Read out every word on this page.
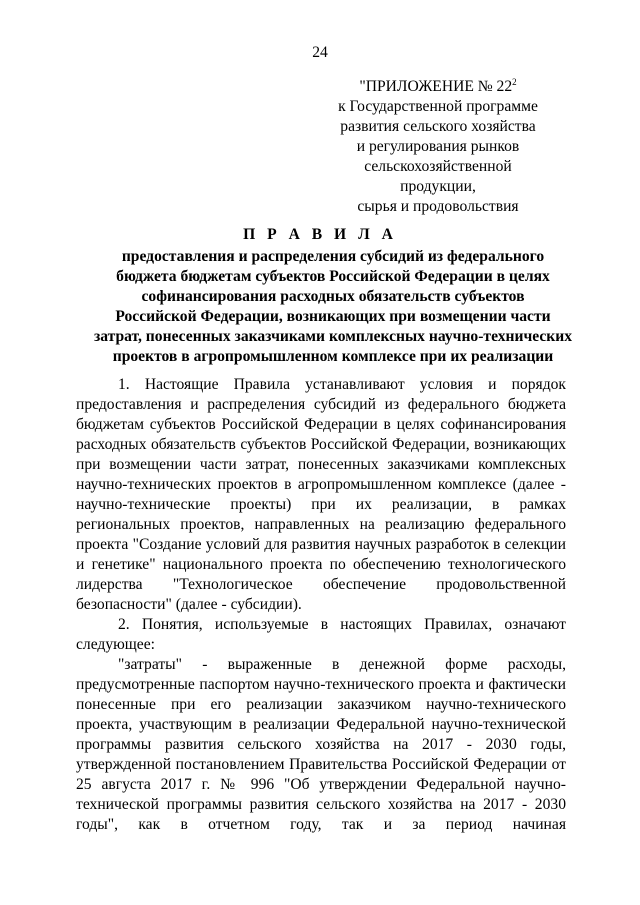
24
"ПРИЛОЖЕНИЕ № $22^2$
к Государственной программе
развития сельского хозяйства
и регулирования рынков
сельскохозяйственной продукции,
сырья и продовольствия
П Р А В И Л А
предоставления и распределения субсидий из федерального
бюджета бюджетам субъектов Российской Федерации в целях
софинансирования расходных обязательств субъектов
Российской Федерации, возникающих при возмещении части
затрат, понесенных заказчиками комплексных научно-технических
проектов в агропромышленном комплексе при их реализации

1. Настоящие Правила устанавливают условия и порядок предоставления и распределения субсидий из федерального бюджета бюджетам субъектов Российской Федерации в целях софинансирования расходных обязательств субъектов Российской Федерации, возникающих при возмещении части затрат, понесенных заказчиками комплексных научно-технических проектов в агропромышленном комплексе (далее - научно-технические проекты) при их реализации, в рамках региональных проектов, направленных на реализацию федерального проекта "Создание условий для развития научных разработок в селекции и генетике" национального проекта по обеспечению технологического лидерства "Технологическое обеспечение продовольственной безопасности" (далее - субсидии).

2. Понятия, используемые в настоящих Правилах, означают следующее:

"затраты" - выраженные в денежной форме расходы, предусмотренные паспортом научно-технического проекта и фактически понесенные при его реализации заказчиком научно-технического проекта, участвующим в реализации Федеральной научно-технической программы развития сельского хозяйства на 2017 - 2030 годы, утвержденной постановлением Правительства Российской Федерации от 25 августа 2017 г. № 996 "Об утверждении Федеральной научно-технической программы развития сельского хозяйства на 2017 - 2030 годы", как в отчетном году, так и за период начиная
